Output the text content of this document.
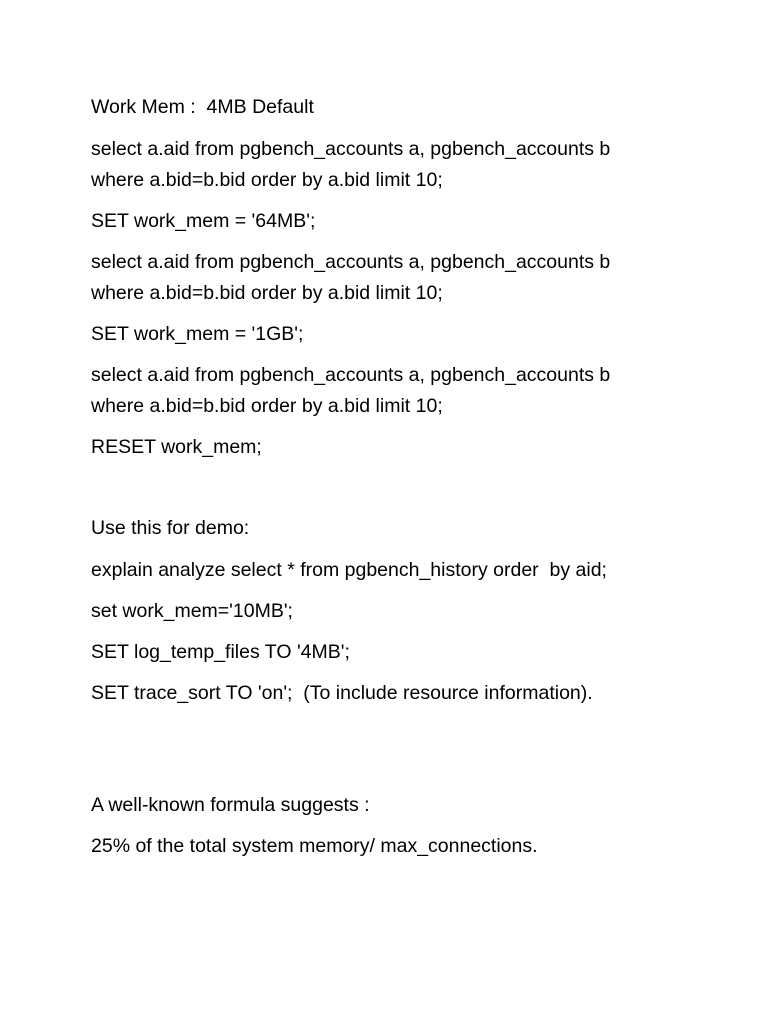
Work Mem :  4MB Default
select a.aid from pgbench_accounts a, pgbench_accounts b
where a.bid=b.bid order by a.bid limit 10;
SET work_mem = '64MB';
select a.aid from pgbench_accounts a, pgbench_accounts b
where a.bid=b.bid order by a.bid limit 10;
SET work_mem = '1GB';
select a.aid from pgbench_accounts a, pgbench_accounts b
where a.bid=b.bid order by a.bid limit 10;
RESET work_mem;
Use this for demo:
explain analyze select * from pgbench_history order  by aid;
set work_mem='10MB';
SET log_temp_files TO '4MB';
SET trace_sort TO 'on';  (To include resource information).
A well-known formula suggests :
25% of the total system memory/ max_connections.
